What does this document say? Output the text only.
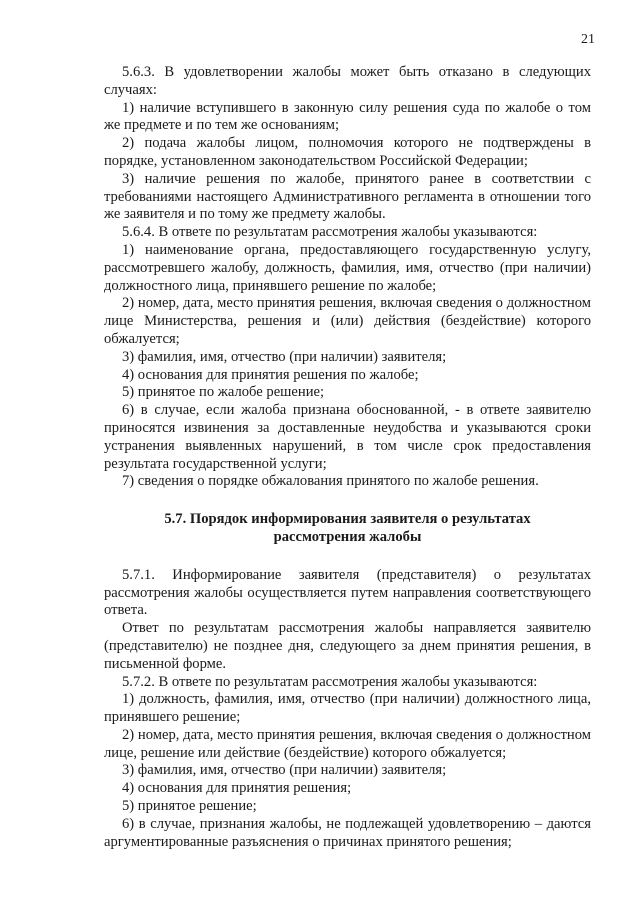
21

5.6.3. В удовлетворении жалобы может быть отказано в следующих случаях:

1) наличие вступившего в законную силу решения суда по жалобе о том же предмете и по тем же основаниям;

2) подача жалобы лицом, полномочия которого не подтверждены в порядке, установленном законодательством Российской Федерации;

3) наличие решения по жалобе, принятого ранее в соответствии с требованиями настоящего Административного регламента в отношении того же заявителя и по тому же предмету жалобы.

5.6.4. В ответе по результатам рассмотрения жалобы указываются:

1) наименование органа, предоставляющего государственную услугу, рассмотревшего жалобу, должность, фамилия, имя, отчество (при наличии) должностного лица, принявшего решение по жалобе;

2) номер, дата, место принятия решения, включая сведения о должностном лице Министерства, решения и (или) действия (бездействие) которого обжалуется;

3) фамилия, имя, отчество (при наличии) заявителя;

4) основания для принятия решения по жалобе;

5) принятое по жалобе решение;

6) в случае, если жалоба признана обоснованной, - в ответе заявителю приносятся извинения за доставленные неудобства и указываются сроки устранения выявленных нарушений, в том числе срок предоставления результата государственной услуги;

7) сведения о порядке обжалования принятого по жалобе решения.

5.7. Порядок информирования заявителя о результатах рассмотрения жалобы

5.7.1. Информирование заявителя (представителя) о результатах рассмотрения жалобы осуществляется путем направления соответствующего ответа.

Ответ по результатам рассмотрения жалобы направляется заявителю (представителю) не позднее дня, следующего за днем принятия решения, в письменной форме.

5.7.2. В ответе по результатам рассмотрения жалобы указываются:

1) должность, фамилия, имя, отчество (при наличии) должностного лица, принявшего решение;

2) номер, дата, место принятия решения, включая сведения о должностном лице, решение или действие (бездействие) которого обжалуется;

3) фамилия, имя, отчество (при наличии) заявителя;

4) основания для принятия решения;

5) принятое решение;

6) в случае, признания жалобы, не подлежащей удовлетворению – даются аргументированные разъяснения о причинах принятого решения;
